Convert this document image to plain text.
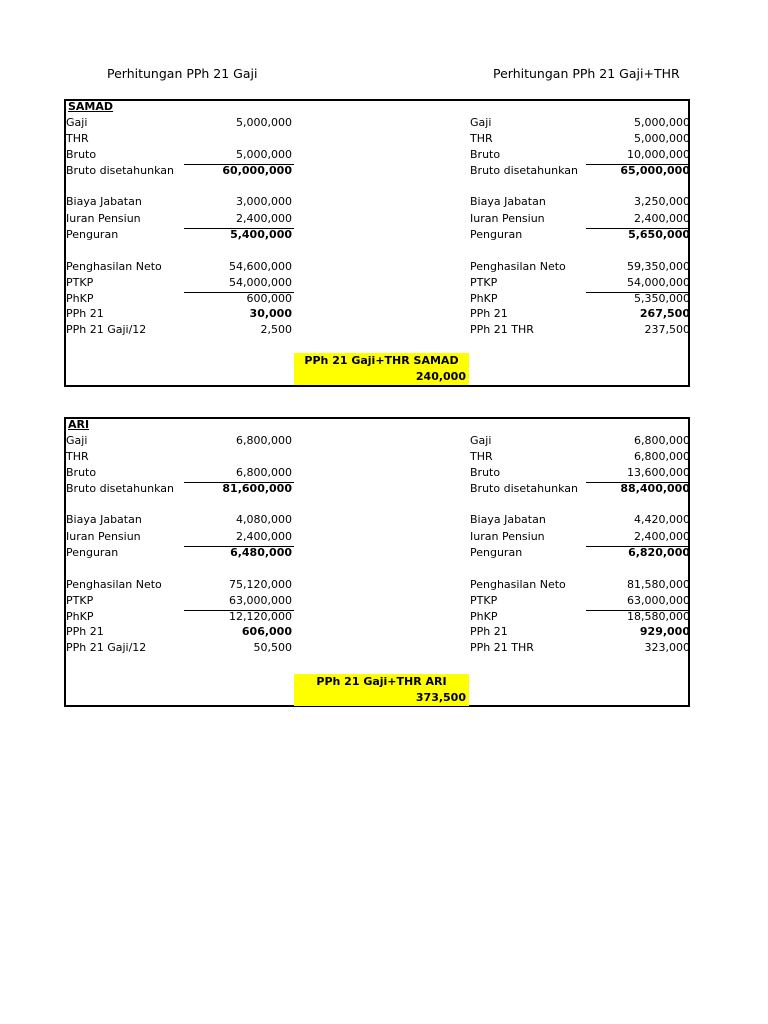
Perhitungan PPh 21 Gaji	Perhitungan PPh 21 Gaji+THR
SAMAD
PPh 21 Gaji+THR SAMAD
240,000
Gaji	5,000,000
THR
Bruto	5,000,000
Bruto disetahunkan	60,000,000
Biaya Jabatan	3,000,000
Iuran Pensiun	2,400,000
Penguran	5,400,000
Penghasilan Neto	54,600,000
PTKP	54,000,000
PhKP	600,000
PPh 21	30,000
PPh 21 Gaji/12	2,500
Gaji	5,000,000
THR	5,000,000
Bruto	10,000,000
Bruto disetahunkan	65,000,000
Biaya Jabatan	3,250,000
Iuran Pensiun	2,400,000
Penguran	5,650,000
Penghasilan Neto	59,350,000
PTKP	54,000,000
PhKP	5,350,000
PPh 21	267,500
PPh 21 THR	237,500
ARI
PPh 21 Gaji+THR ARI
373,500
Gaji	6,800,000
THR
Bruto	6,800,000
Bruto disetahunkan	81,600,000
Biaya Jabatan	4,080,000
Iuran Pensiun	2,400,000
Penguran	6,480,000
Penghasilan Neto	75,120,000
PTKP	63,000,000
PhKP	12,120,000
PPh 21	606,000
PPh 21 Gaji/12	50,500
Gaji	6,800,000
THR	6,800,000
Bruto	13,600,000
Bruto disetahunkan	88,400,000
Biaya Jabatan	4,420,000
Iuran Pensiun	2,400,000
Penguran	6,820,000
Penghasilan Neto	81,580,000
PTKP	63,000,000
PhKP	18,580,000
PPh 21	929,000
PPh 21 THR	323,000
